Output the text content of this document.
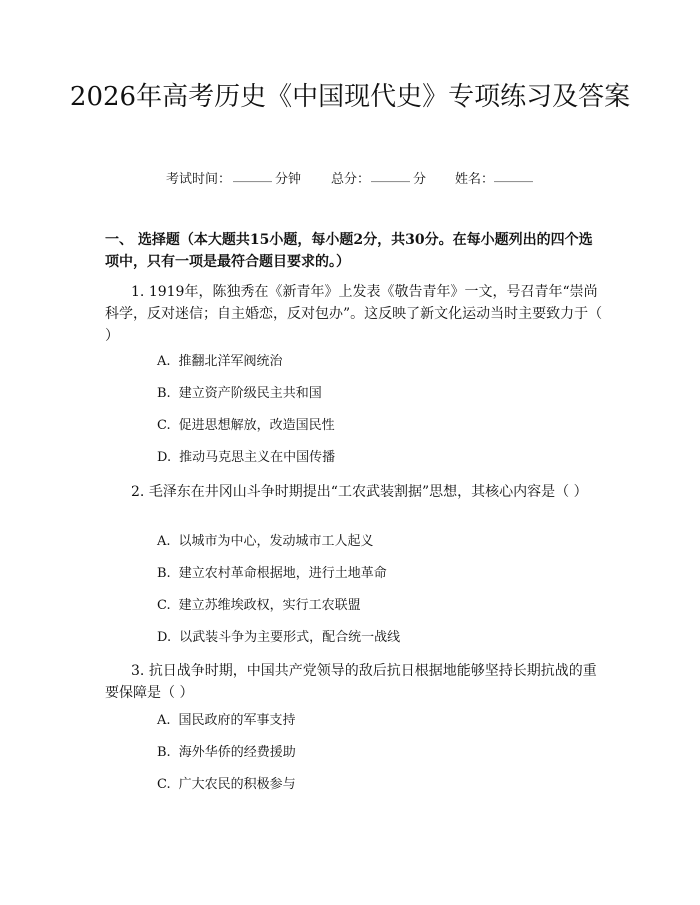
2026年高考历史《中国现代史》专项练习及答案
考试时间： ______ 分钟 总分： ______ 分 姓名： ______
一、 选择题（本大题共15小题，每小题2分，共30分。在每小题列出的四个选项中，只有一项是最符合题目要求的。）
1. 1919年，陈独秀在《新青年》上发表《敬告青年》一文，号召青年“崇尚科学，反对迷信；自主婚恋，反对包办”。这反映了新文化运动当时主要致力于（ ）
A. 推翻北洋军阀统治
B. 建立资产阶级民主共和国
C. 促进思想解放，改造国民性
D. 推动马克思主义在中国传播
2. 毛泽东在井冈山斗争时期提出“工农武装割据”思想，其核心内容是（ ）
A. 以城市为中心，发动城市工人起义
B. 建立农村革命根据地，进行土地革命
C. 建立苏维埃政权，实行工农联盟
D. 以武装斗争为主要形式，配合统一战线
3. 抗日战争时期，中国共产党领导的敌后抗日根据地能够坚持长期抗战的重要保障是（ ）
A. 国民政府的军事支持
B. 海外华侨的经费援助
C. 广大农民的积极参与
